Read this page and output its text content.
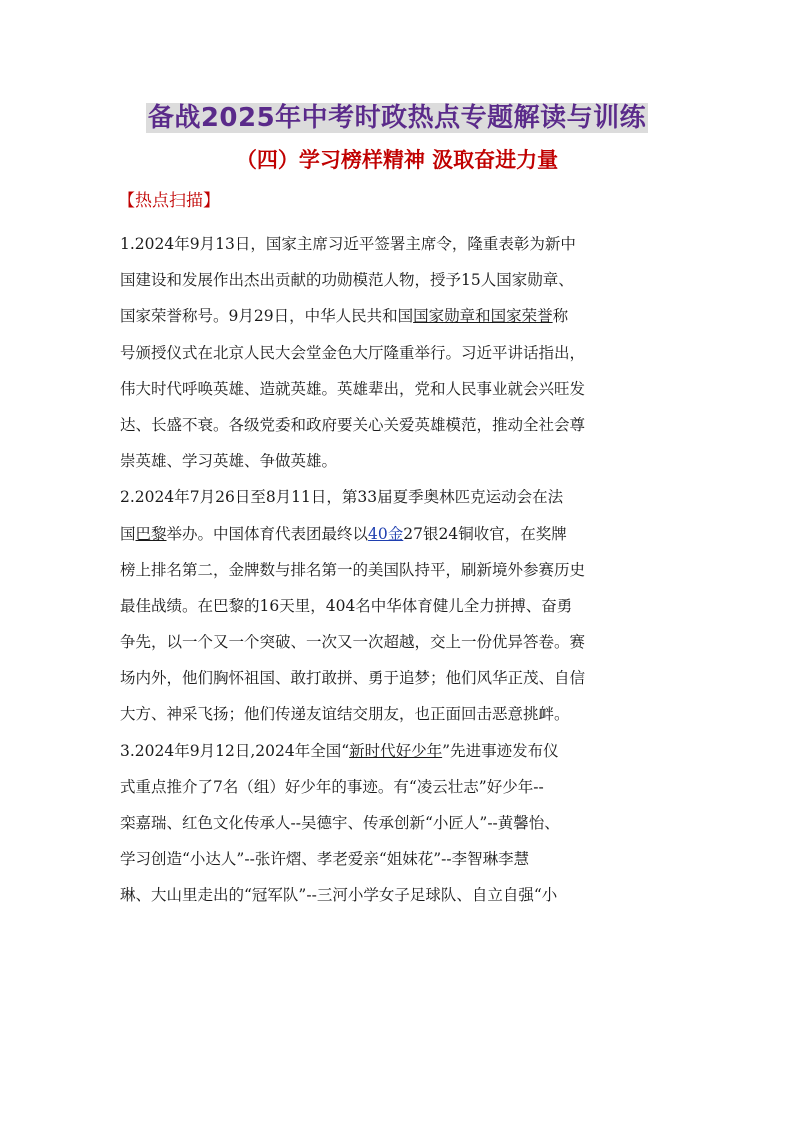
备战2025年中考时政热点专题解读与训练
（四）学习榜样精神 汲取奋进力量
【热点扫描】
1.2024年9月13日，国家主席习近平签署主席令，隆重表彰为新中
国建设和发展作出杰出贡献的功勋模范人物，授予15人国家勋章、
国家荣誉称号。9月29日，中华人民共和国国家勋章和国家荣誉称
号颁授仪式在北京人民大会堂金色大厅隆重举行。习近平讲话指出，
伟大时代呼唤英雄、造就英雄。英雄辈出，党和人民事业就会兴旺发
达、长盛不衰。各级党委和政府要关心关爱英雄模范，推动全社会尊
崇英雄、学习英雄、争做英雄。
2.2024年7月26日至8月11日，第33届夏季奥林匹克运动会在法
国巴黎举办。中国体育代表团最终以40金27银24铜收官，在奖牌
榜上排名第二，金牌数与排名第一的美国队持平，刷新境外参赛历史
最佳战绩。在巴黎的16天里，404名中华体育健儿全力拼搏、奋勇
争先，以一个又一个突破、一次又一次超越，交上一份优异答卷。赛
场内外，他们胸怀祖国、敢打敢拼、勇于追梦；他们风华正茂、自信
大方、神采飞扬；他们传递友谊结交朋友，也正面回击恶意挑衅。
3.2024年9月12日,2024年全国“新时代好少年”先进事迹发布仪
式重点推介了7名（组）好少年的事迹。有“凌云壮志”好少年--
栾嘉瑞、红色文化传承人--吴德宇、传承创新“小匠人”--黄馨怡、
学习创造“小达人”--张许熠、孝老爱亲“姐妹花”--李智琳李慧
琳、大山里走出的“冠军队”--三河小学女子足球队、自立自强“小
